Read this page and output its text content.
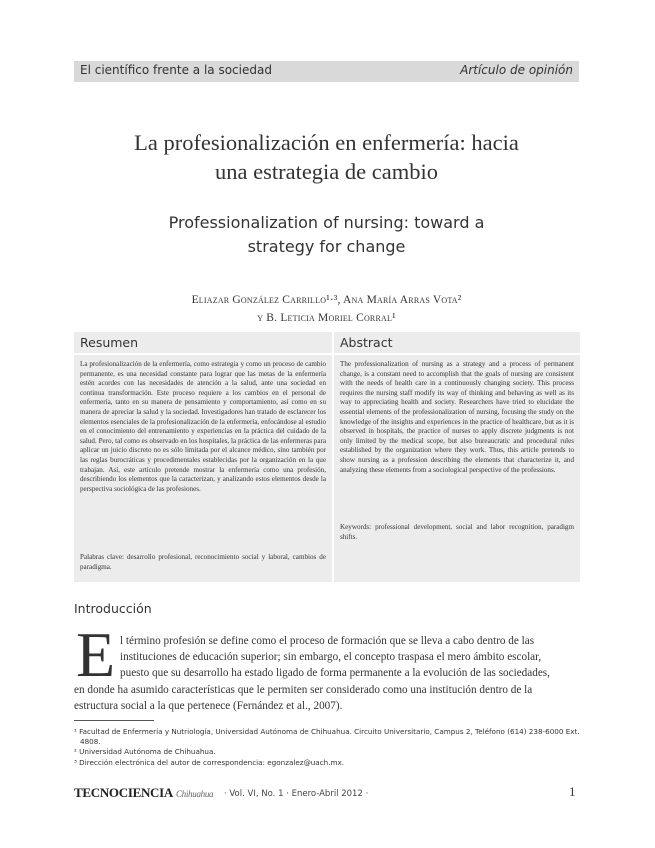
El científico frente a la sociedad	Artículo de opinión
La profesionalización en enfermería: hacia
una estrategia de cambio
Professionalization of nursing: toward a
strategy for change
Eliazar González Carrillo¹·³, Ana María Arras Vota²
y B. Leticia Moriel Corral¹
Resumen
La profesionalización de la enfermería, como estrategia y como un proceso de cambio permanente, es una necesidad constante para lograr que las metas de la enfermería estén acordes con las necesidades de atención a la salud, ante una sociedad en continua transformación. Este proceso requiere a los cambios en el personal de enfermería, tanto en su manera de pensamiento y comportamiento, así como en su manera de apreciar la salud y la sociedad. Investigadores han tratado de esclarecer los elementos esenciales de la profesionalización de la enfermería, enfocándose al estudio en el conocimiento del entrenamiento y experiencias en la práctica del cuidado de la salud. Pero, tal como es observado en los hospitales, la práctica de las enfermeras para aplicar un juicio discreto no es sólo limitada por el alcance médico, sino también por las reglas burocráticas y procedimentales establecidas por la organización en la que trabajan. Así, este artículo pretende mostrar la enfermería como una profesión, describiendo los elementos que la caracterizan, y analizando estos elementos desde la perspectiva sociológica de las profesiones.
Palabras clave: desarrollo profesional, reconocimiento social y laboral, cambios de paradigma.
Abstract
The professionalization of nursing as a strategy and a process of permanent change, is a constant need to accomplish that the goals of nursing are consistent with the needs of health care in a continuously changing society. This process requires the nursing staff modify its way of thinking and behaving as well as its way to appreciating health and society. Researchers have tried to elucidate the essential elements of the professionalization of nursing, focusing the study on the knowledge of the insights and experiences in the practice of healthcare, but as it is observed in hospitals, the practice of nurses to apply discrete judgments is not only limited by the medical scope, but also bureaucratic and procedural rules established by the organization where they work. Thus, this article pretends to show nursing as a profession describing the elements that characterize it, and analyzing these elements from a sociological perspective of the professions.
Keywords: professional development, social and labor recognition, paradigm shifts.
Introducción
E l término profesión se define como el proceso de formación que se lleva a cabo dentro de las
instituciones de educación superior; sin embargo, el concepto traspasa el mero ámbito escolar,
puesto que su desarrollo ha estado ligado de forma permanente a la evolución de las sociedades,
en donde ha asumido características que le permiten ser considerado como una institución dentro de la
estructura social a la que pertenece (Fernández et al., 2007).
¹ Facultad de Enfermería y Nutriología, Universidad Autónoma de Chihuahua. Circuito Universitario, Campus 2, Teléfono (614) 238-6000 Ext. 4808.
² Universidad Autónoma de Chihuahua.
³ Dirección electrónica del autor de correspondencia: egonzalez@uach.mx.
TECNOCIENCIA Chihuahua · Vol. VI, No. 1 · Enero-Abril 2012 ·	1
